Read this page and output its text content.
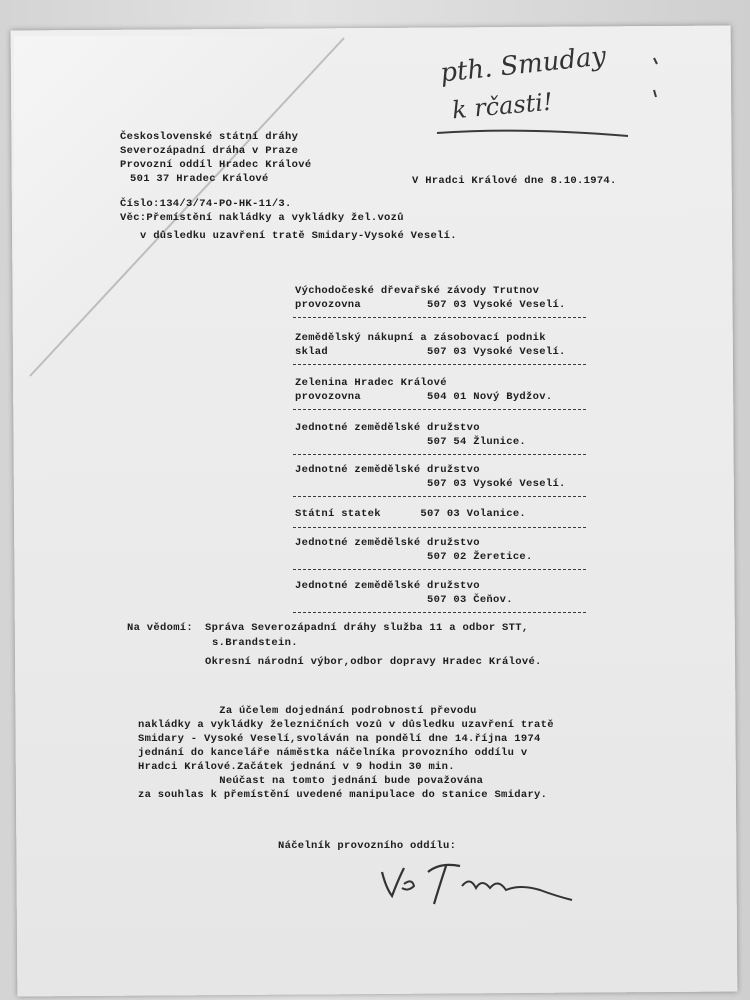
pth. Smuday
k rčasti!
Československé státní dráhy
Severozápadní dráha v Praze
Provozní oddíl Hradec Králové
501 37 Hradec Králové	V Hradci Králové dne 8.10.1974.
Číslo:134/3/74-PO-HK-11/3.
Věc:Přemístění nakládky a vykládky žel.vozů
v důsledku uzavření tratě Smidary-Vysoké Veselí.
Východočeské dřevařské závody Trutnov
provozovna          507 03 Vysoké Veselí.
Zemědělský nákupní a zásobovací podnik
sklad               507 03 Vysoké Veselí.
Zelenina Hradec Králové
provozovna          504 01 Nový Bydžov.
Jednotné zemědělské družstvo
507 54 Žlunice.
Jednotné zemědělské družstvo
507 03 Vysoké Veselí.
Státní statek      507 03 Volanice.
Jednotné zemědělské družstvo
507 02 Žeretice.
Jednotné zemědělské družstvo
507 03 Čeňov.
Na vědomí: Správa Severozápadní dráhy služba 11 a odbor STT,
s.Brandstein.
Okresní národní výbor,odbor dopravy Hradec Králové.
Za účelem dojednání podrobností převodu
nakládky a vykládky železničních vozů v důsledku uzavření tratě
Smidary - Vysoké Veselí,svoláván na pondělí dne 14.října 1974
jednání do kanceláře náměstka náčelníka provozního oddílu v
Hradci Králové.Začátek jednání v 9 hodin 30 min.
Neúčast na tomto jednání bude považována
za souhlas k přemístění uvedené manipulace do stanice Smidary.
Náčelník provozního oddílu:
